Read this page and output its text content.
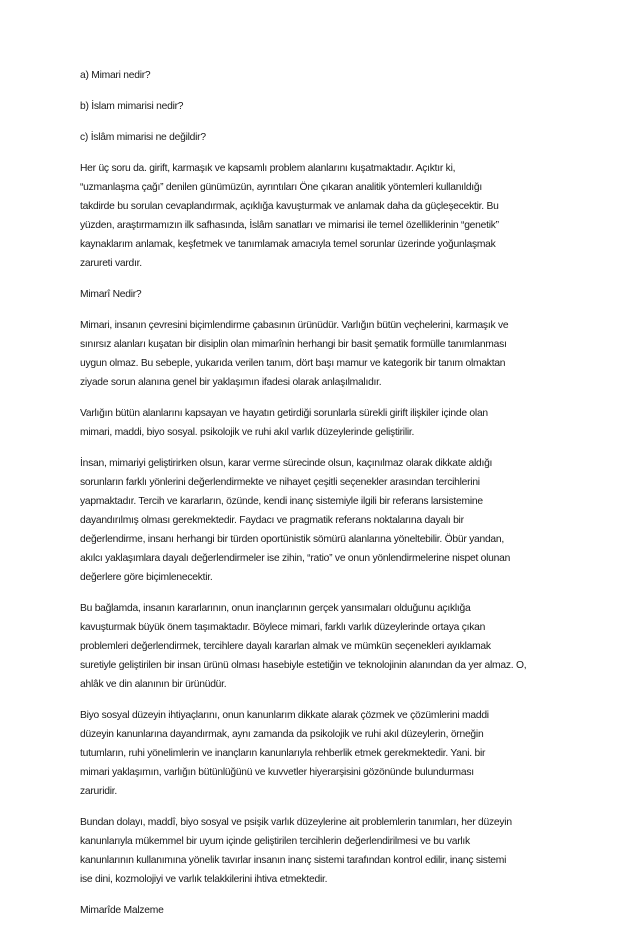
a) Mimari nedir?

b) İslam mimarisi nedir?

c) İslâm mimarisi ne değildir?

Her üç soru da. girift, karmaşık ve kapsamlı problem alanlarını kuşatmaktadır. Açıktır ki,
“uzmanlaşma çağı” denilen günümüzün, ayrıntıları Öne çıkaran analitik yöntemleri kullanıldığı
takdirde bu sorulan cevaplandırmak, açıklığa kavuşturmak ve anlamak daha da güçleşecektir. Bu
yüzden, araştırmamızın ilk safhasında, İslâm sanatları ve mimarisi ile temel özelliklerinin “genetik”
kaynaklarım anlamak, keşfetmek ve tanımlamak amacıyla temel sorunlar üzerinde yoğunlaşmak
zarureti vardır.

Mimarî Nedir?

Mimari, insanın çevresini biçimlendirme çabasının ürünüdür. Varlığın bütün veçhelerini, karmaşık ve
sınırsız alanları kuşatan bir disiplin olan mimarînin herhangi bir basit şematik formülle tanımlanması
uygun olmaz. Bu sebeple, yukarıda verilen tanım, dört başı mamur ve kategorik bir tanım olmaktan
ziyade sorun alanına genel bir yaklaşımın ifadesi olarak anlaşılmalıdır.

Varlığın bütün alanlarını kapsayan ve hayatın getirdiği sorunlarla sürekli girift ilişkiler içinde olan
mimari, maddi, biyo sosyal. psikolojik ve ruhi akıl varlık düzeylerinde geliştirilir.

İnsan, mimariyi geliştirirken olsun, karar verme sürecinde olsun, kaçınılmaz olarak dikkate aldığı
sorunların farklı yönlerini değerlendirmekte ve nihayet çeşitli seçenekler arasından tercihlerini
yapmaktadır. Tercih ve kararların, özünde, kendi inanç sistemiyle ilgili bir referans larsistemine
dayandırılmış olması gerekmektedir. Faydacı ve pragmatik referans noktalarına dayalı bir
değerlendirme, insanı herhangi bir türden oportünistik sömürü alanlarına yöneltebilir. Öbür yandan,
akılcı yaklaşımlara dayalı değerlendirmeler ise zihin, “ratio” ve onun yönlendirmelerine nispet olunan
değerlere göre biçimlenecektir.

Bu bağlamda, insanın kararlarının, onun inançlarının gerçek yansımaları olduğunu açıklığa
kavuşturmak büyük önem taşımaktadır. Böylece mimari, farklı varlık düzeylerinde ortaya çıkan
problemleri değerlendirmek, tercihlere dayalı kararlan almak ve mümkün seçenekleri ayıklamak
suretiyle geliştirilen bir insan ürünü olması hasebiyle estetiğin ve teknolojinin alanından da yer almaz. O,
ahlâk ve din alanının bir ürünüdür.

Biyo sosyal düzeyin ihtiyaçlarını, onun kanunlarım dikkate alarak çözmek ve çözümlerini maddi
düzeyin kanunlarına dayandırmak, aynı zamanda da psikolojik ve ruhi akıl düzeylerin, örneğin
tutumların, ruhi yönelimlerin ve inançların kanunlarıyla rehberlik etmek gerekmektedir. Yani. bir
mimari yaklaşımın, varlığın bütünlüğünü ve kuvvetler hiyerarşisini gözönünde bulundurması
zaruridir.

Bundan dolayı, maddî, biyo sosyal ve psişik varlık düzeylerine ait problemlerin tanımları, her düzeyin
kanunlarıyla mükemmel bir uyum içinde geliştirilen tercihlerin değerlendirilmesi ve bu varlık
kanunlarının kullanımına yönelik tavırlar insanın inanç sistemi tarafından kontrol edilir, inanç sistemi
ise dini, kozmolojiyi ve varlık telakkilerini ihtiva etmektedir.

Mimarîde Malzeme
